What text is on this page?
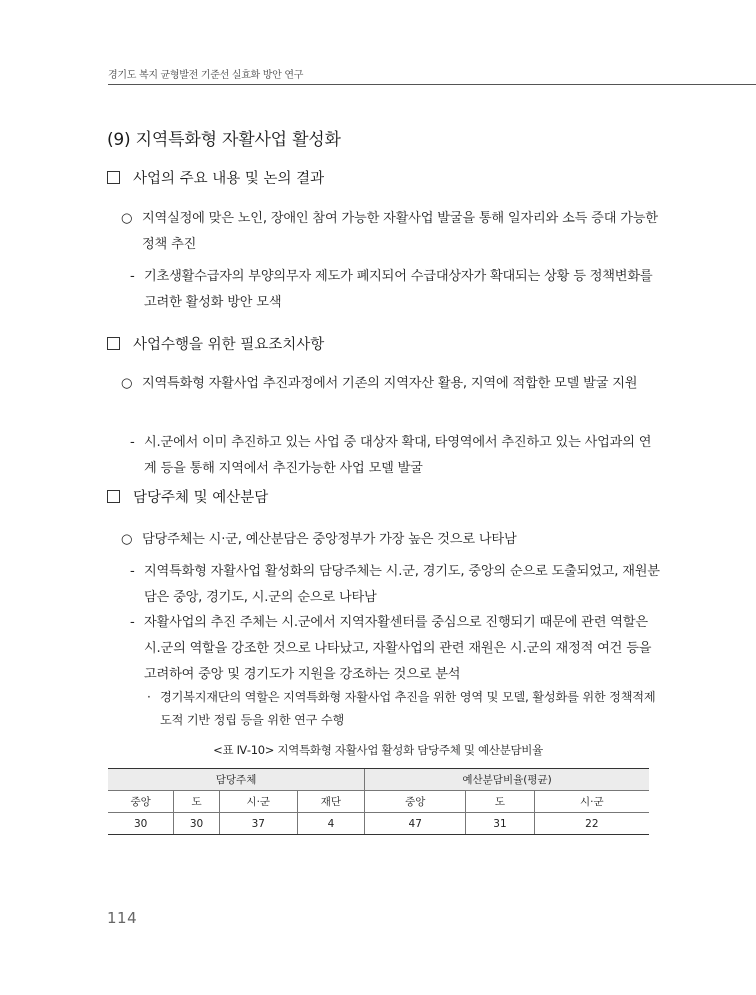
경기도 복지 균형발전 기준선 실효화 방안 연구
(9) 지역특화형 자활사업 활성화
사업의 주요 내용 및 논의 결과
○ 지역실정에 맞은 노인, 장애인 참여 가능한 자활사업 발굴을 통해 일자리와 소득 증대 가능한 정책 추진
- 기초생활수급자의 부양의무자 제도가 폐지되어 수급대상자가 확대되는 상황 등 정책변화를 고려한 활성화 방안 모색
사업수행을 위한 필요조치사항
○ 지역특화형 자활사업 추진과정에서 기존의 지역자산 활용, 지역에 적합한 모델 발굴 지원
- 시.군에서 이미 추진하고 있는 사업 중 대상자 확대, 타영역에서 추진하고 있는 사업과의 연계 등을 통해 지역에서 추진가능한 사업 모델 발굴
담당주체 및 예산분담
○ 담당주체는 시·군, 예산분담은 중앙정부가 가장 높은 것으로 나타남
- 지역특화형 자활사업 활성화의 담당주체는 시.군, 경기도, 중앙의 순으로 도출되었고, 재원분담은 중앙, 경기도, 시.군의 순으로 나타남
- 자활사업의 추진 주체는 시.군에서 지역자활센터를 중심으로 진행되기 때문에 관련 역할은 시.군의 역할을 강조한 것으로 나타났고, 자활사업의 관련 재원은 시.군의 재정적 여건 등을 고려하여 중앙 및 경기도가 지원을 강조하는 것으로 분석
· 경기복지재단의 역할은 지역특화형 자활사업 추진을 위한 영역 및 모델, 활성화를 위한 정책적제도적 기반 정립 등을 위한 연구 수행
<표 Ⅳ-10> 지역특화형 자활사업 활성화 담당주체 및 예산분담비율
담당주체				예산분담비율(평균)		
중앙	도	시·군	재단	중앙	도	시·군
30	30	37	4	47	31	22
114
